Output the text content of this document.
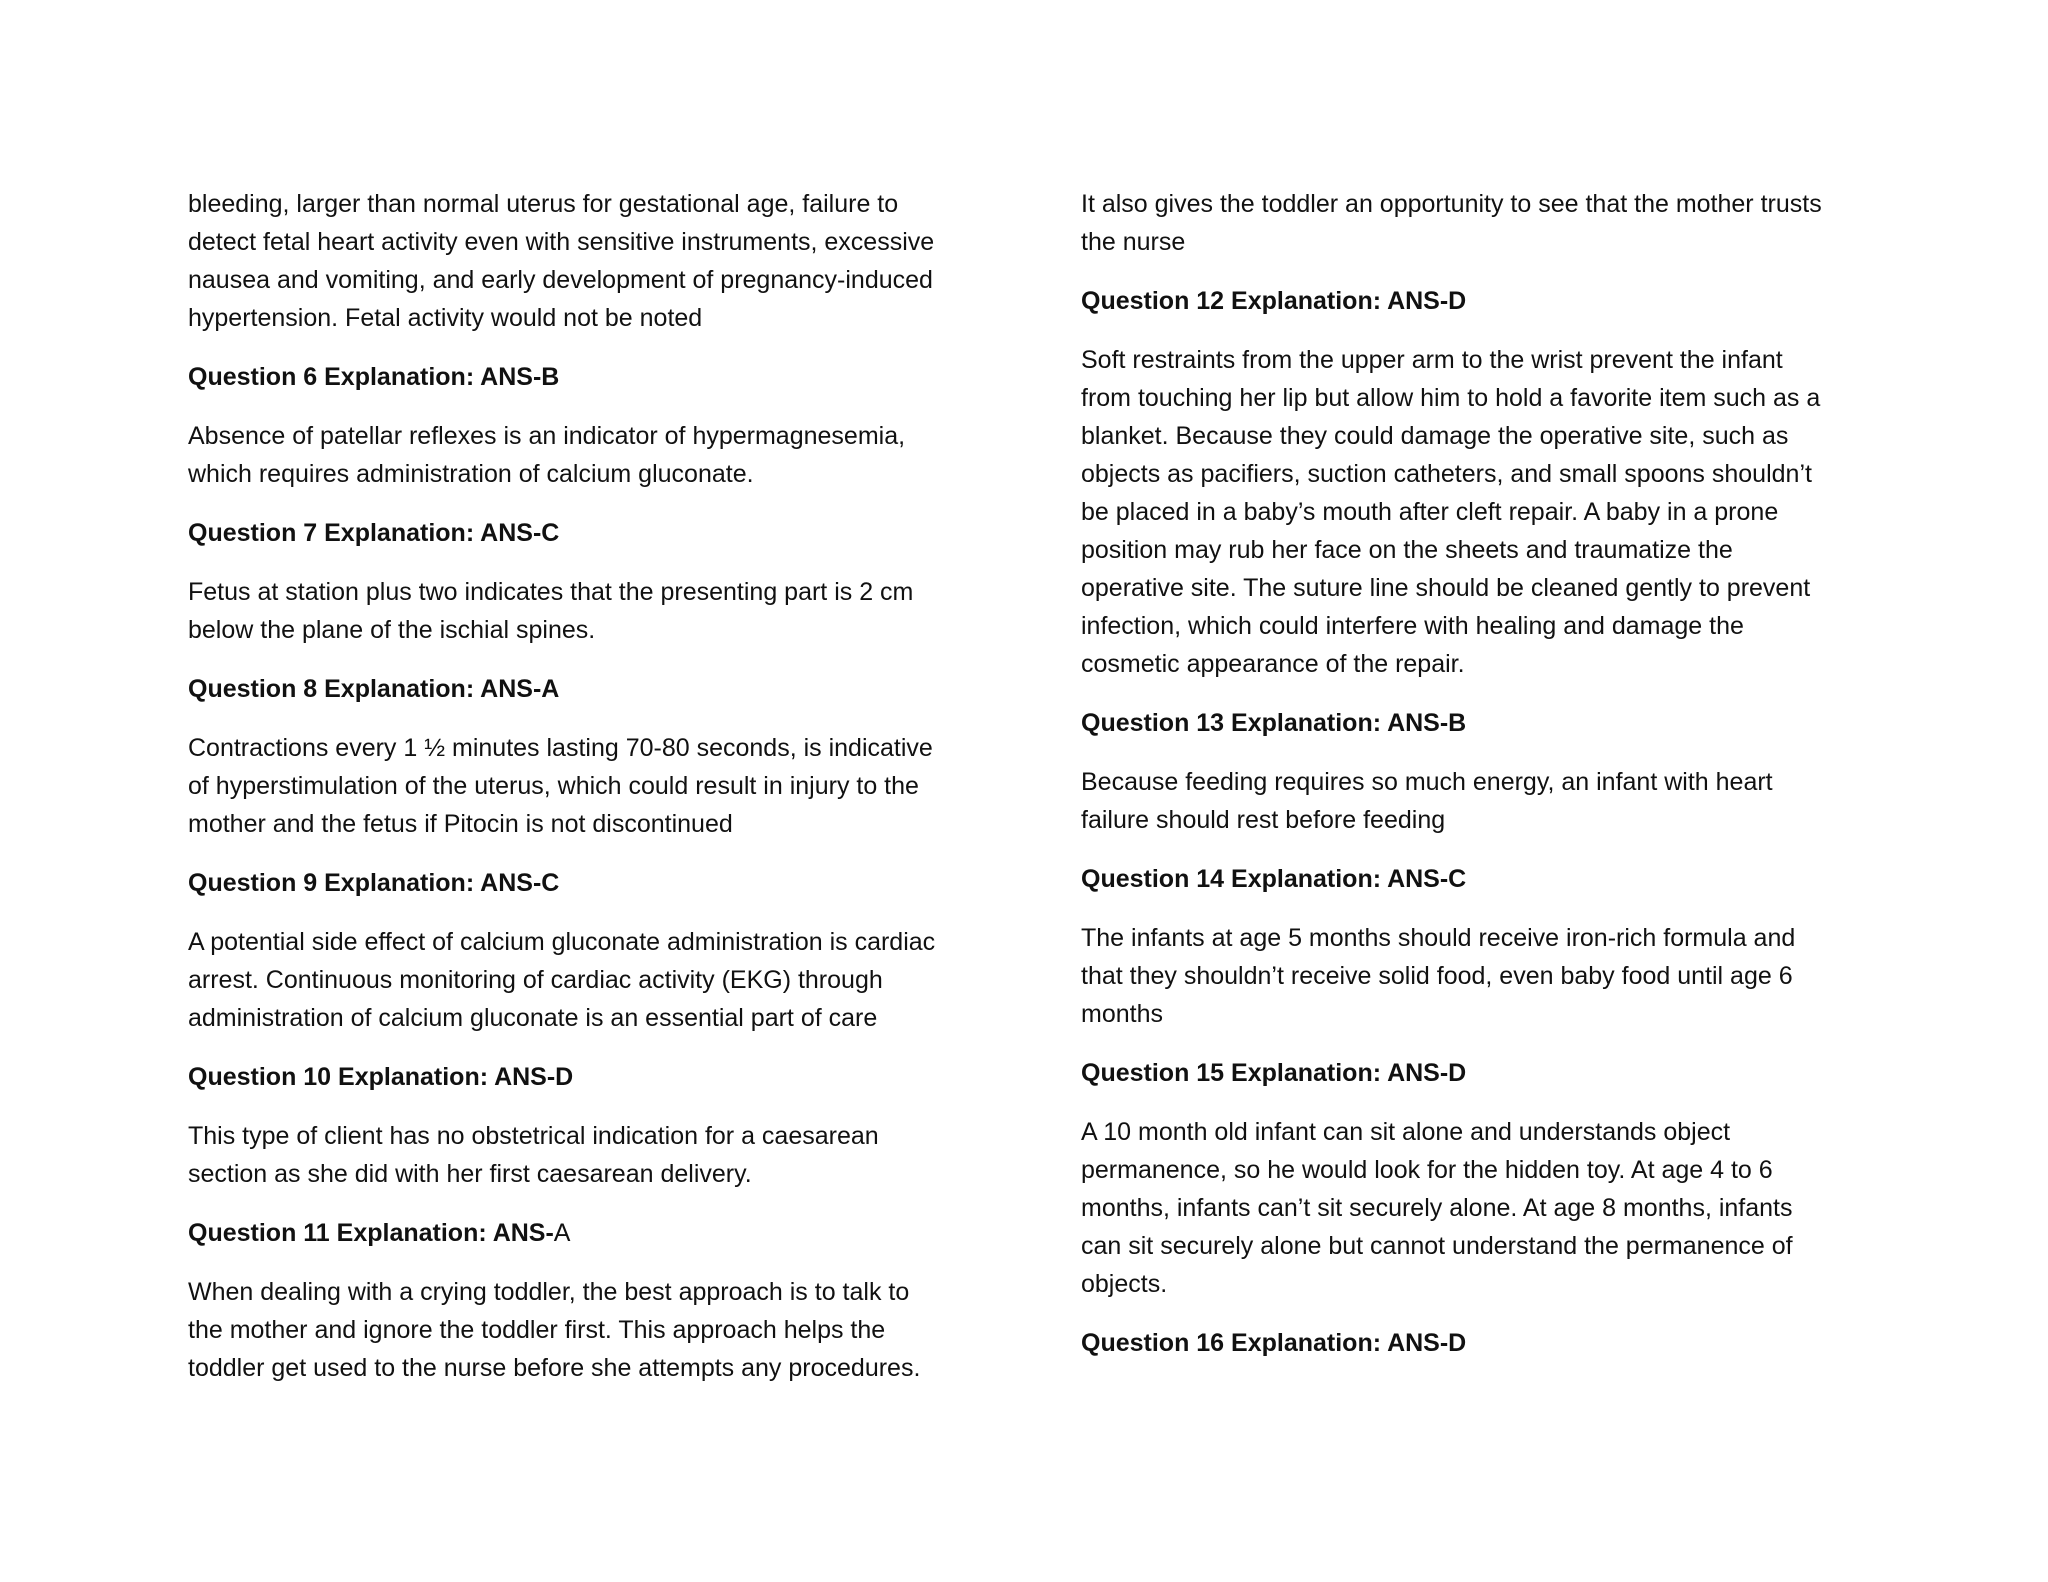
bleeding, larger than normal uterus for gestational age, failure to
detect fetal heart activity even with sensitive instruments, excessive
nausea and vomiting, and early development of pregnancy-induced
hypertension. Fetal activity would not be noted

Question 6 Explanation: ANS-B

Absence of patellar reflexes is an indicator of hypermagnesemia,
which requires administration of calcium gluconate.

Question 7 Explanation: ANS-C

Fetus at station plus two indicates that the presenting part is 2 cm
below the plane of the ischial spines.

Question 8 Explanation: ANS-A

Contractions every 1 ½ minutes lasting 70-80 seconds, is indicative
of hyperstimulation of the uterus, which could result in injury to the
mother and the fetus if Pitocin is not discontinued

Question 9 Explanation: ANS-C

A potential side effect of calcium gluconate administration is cardiac
arrest. Continuous monitoring of cardiac activity (EKG) through
administration of calcium gluconate is an essential part of care

Question 10 Explanation: ANS-D

This type of client has no obstetrical indication for a caesarean
section as she did with her first caesarean delivery.

Question 11 Explanation: ANS-A

When dealing with a crying toddler, the best approach is to talk to
the mother and ignore the toddler first. This approach helps the
toddler get used to the nurse before she attempts any procedures.

It also gives the toddler an opportunity to see that the mother trusts
the nurse

Question 12 Explanation: ANS-D

Soft restraints from the upper arm to the wrist prevent the infant
from touching her lip but allow him to hold a favorite item such as a
blanket. Because they could damage the operative site, such as
objects as pacifiers, suction catheters, and small spoons shouldn’t
be placed in a baby’s mouth after cleft repair. A baby in a prone
position may rub her face on the sheets and traumatize the
operative site. The suture line should be cleaned gently to prevent
infection, which could interfere with healing and damage the
cosmetic appearance of the repair.

Question 13 Explanation: ANS-B

Because feeding requires so much energy, an infant with heart
failure should rest before feeding

Question 14 Explanation: ANS-C

The infants at age 5 months should receive iron-rich formula and
that they shouldn’t receive solid food, even baby food until age 6
months

Question 15 Explanation: ANS-D

A 10 month old infant can sit alone and understands object
permanence, so he would look for the hidden toy. At age 4 to 6
months, infants can’t sit securely alone. At age 8 months, infants
can sit securely alone but cannot understand the permanence of
objects.

Question 16 Explanation: ANS-D
